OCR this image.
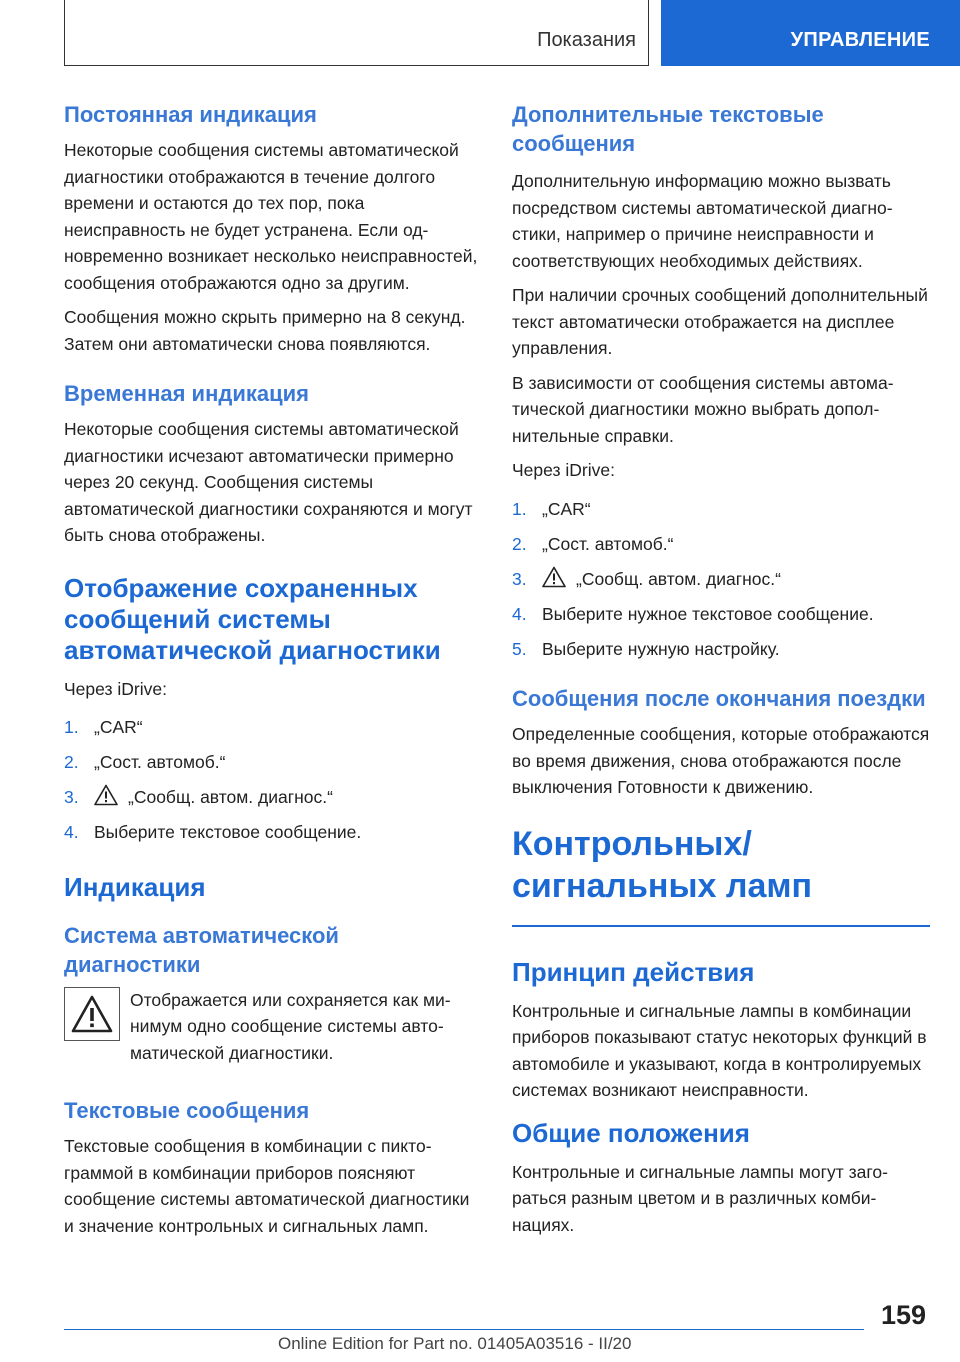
Показания	УПРАВЛЕНИЕ
Постоянная индикация

Некоторые сообщения системы автоматической диагностики отображаются в течение долгого времени и остаются до тех пор, пока неисправность не будет устранена. Если одновременно возникает несколько неисправностей, сообщения отображаются одно за другим.

Сообщения можно скрыть примерно на 8 секунд. Затем они автоматически снова появляются.

Временная индикация

Некоторые сообщения системы автоматической диагностики исчезают автоматически примерно через 20 секунд. Сообщения системы автоматической диагностики сохраняются и могут быть снова отображены.

Отображение сохраненных сообщений системы автоматической диагностики

Через iDrive:

1. „CAR“
2. „Сост. автомоб.“
3.	„Сообщ. автом. диагнос.“
4. Выберите текстовое сообщение.
Индикация
Система автоматической диагностики

Отображается или сохраняется как минимум одно сообщение системы автоматической диагностики.

Текстовые сообщения

Текстовые сообщения в комбинации с пиктограммой в комбинации приборов поясняют сообщение системы автоматической диагностики и значение контрольных и сигнальных ламп.

Дополнительные текстовые сообщения

Дополнительную информацию можно вызвать посредством системы автоматической диагностики, например о причине неисправности и соответствующих необходимых действиях.

При наличии срочных сообщений дополнительный текст автоматически отображается на дисплее управления.

В зависимости от сообщения системы автоматической диагностики можно выбрать дополнительные справки.

Через iDrive:

1. „CAR“
2. „Сост. автомоб.“
3.	„Сообщ. автом. диагнос.“
4. Выберите нужное текстовое сообщение.
5. Выберите нужную настройку.
Сообщения после окончания поездки

Определенные сообщения, которые отображаются во время движения, снова отображаются после выключения Готовности к движению.

Контрольных/сигнальных ламп
Принцип действия

Контрольные и сигнальные лампы в комбинации приборов показывают статус некоторых функций в автомобиле и указывают, когда в контролируемых системах возникают неисправности.

Общие положения

Контрольные и сигнальные лампы могут загораться разным цветом и в различных комбинациях.

159
Online Edition for Part no. 01405A03516 - II/20
